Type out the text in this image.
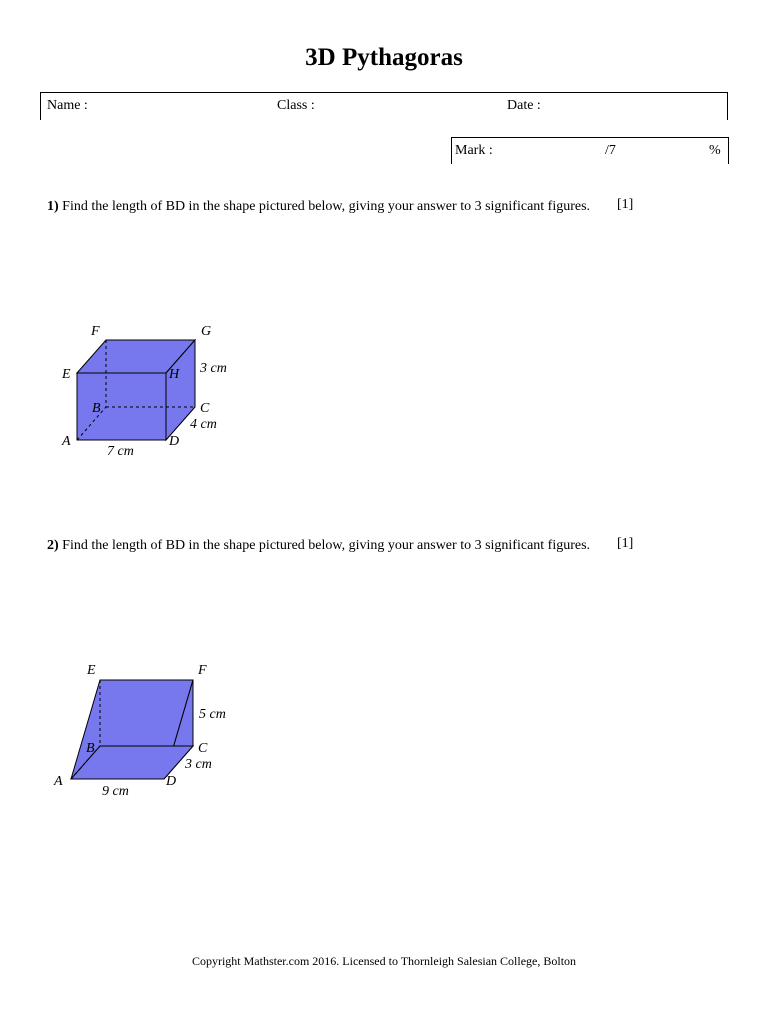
3D Pythagoras
Name :	Class :	Date :
Mark :	/7	%
1) Find the length of BD in the shape pictured below, giving your answer to 3 significant figures.	[1]
F	G
E	H 3 cm
B	C
4 cm
A	D
7 cm
2) Find the length of BD in the shape pictured below, giving your answer to 3 significant figures.	[1]
E	F
5 cm
B	C
3 cm
A	D
9 cm
Copyright Mathster.com 2016. Licensed to Thornleigh Salesian College, Bolton
